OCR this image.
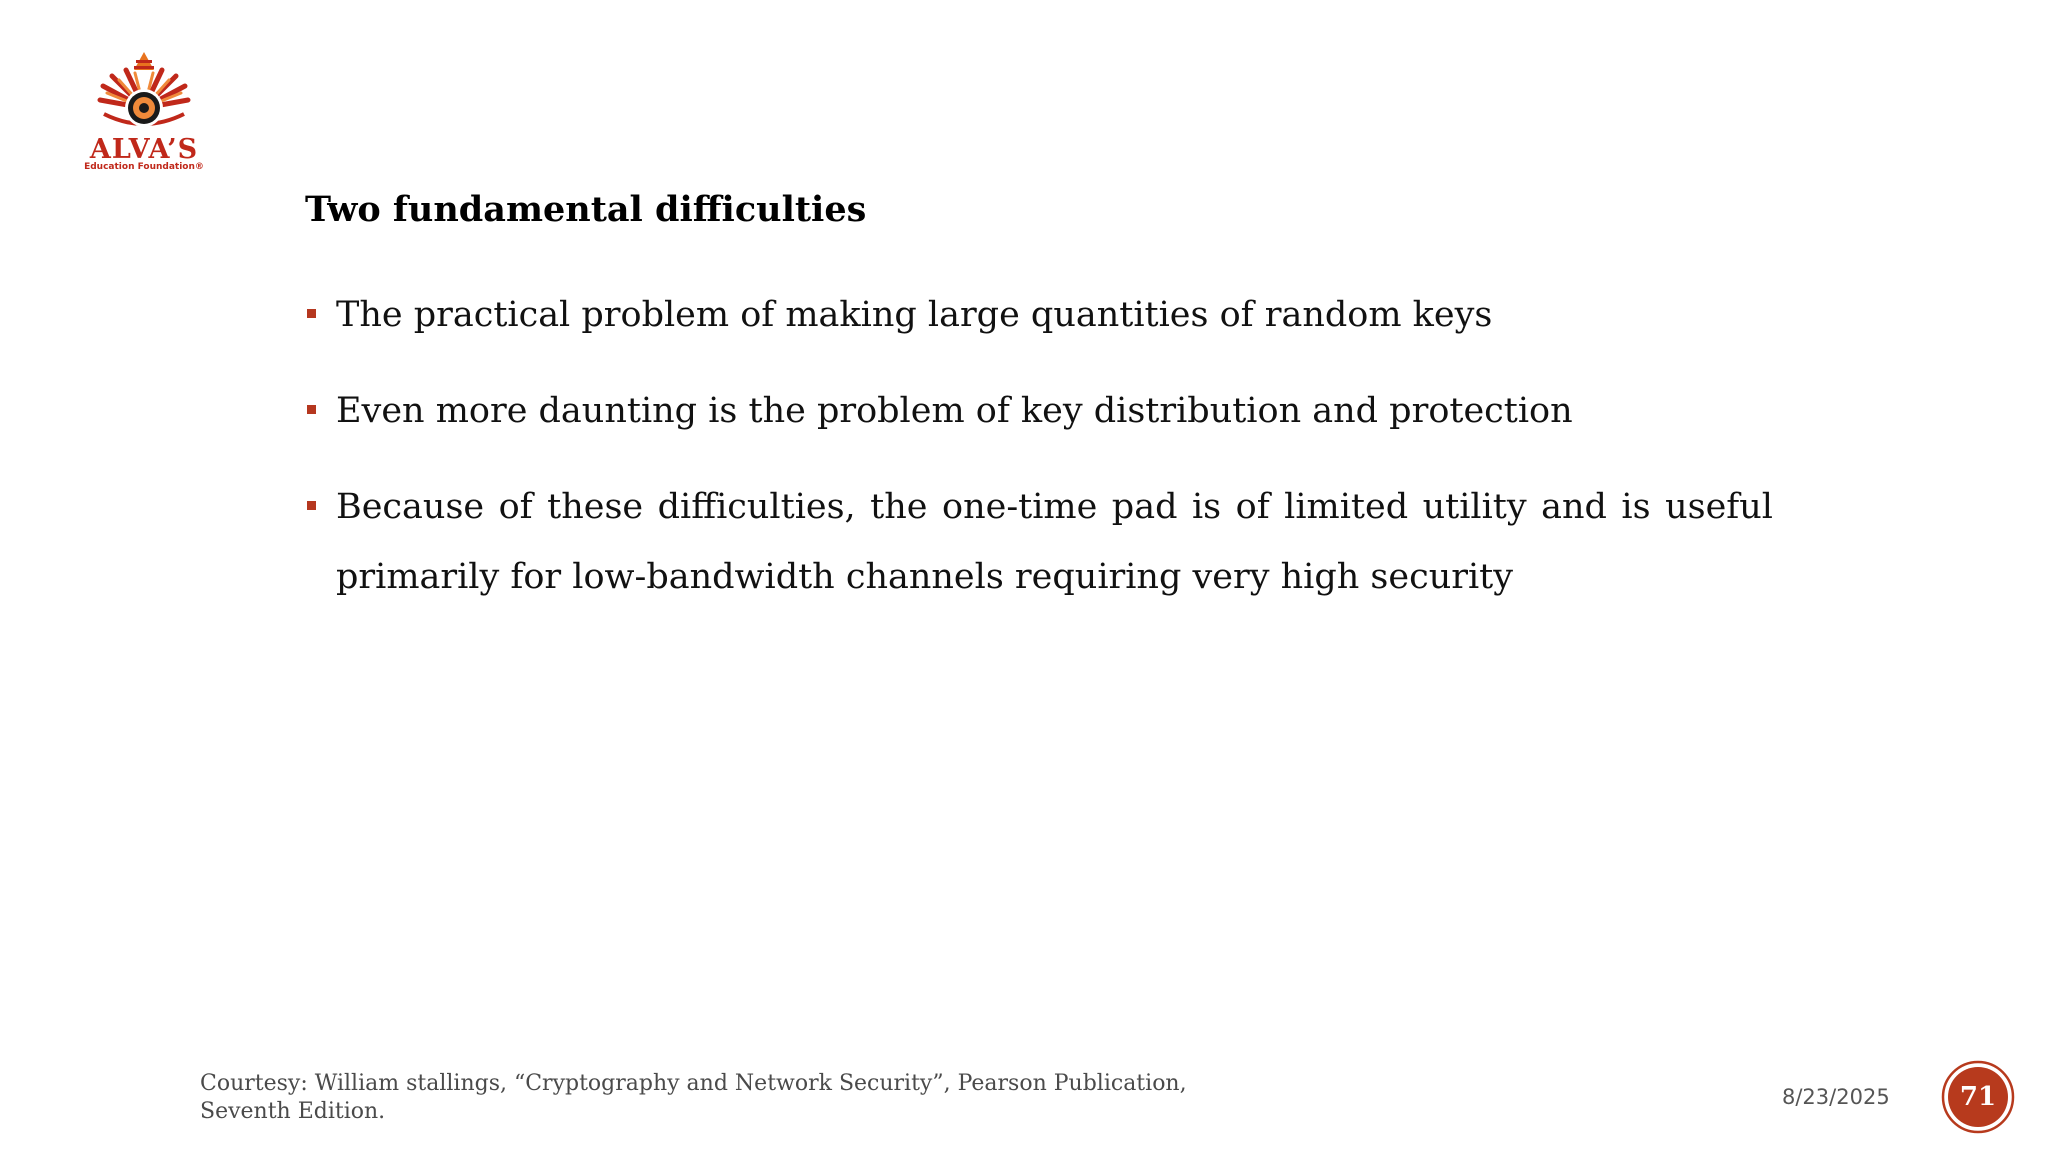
ALVA’S
Education Foundation®
Two fundamental difficulties
The practical problem of making large quantities of random keys
Even more daunting is the problem of key distribution and protection
Because of these difficulties, the one-time pad is of limited utility and is useful primarily for low-bandwidth channels requiring very high security
Courtesy: William stallings, “Cryptography and Network Security”, Pearson Publication,
Seventh Edition.
8/23/2025	71
